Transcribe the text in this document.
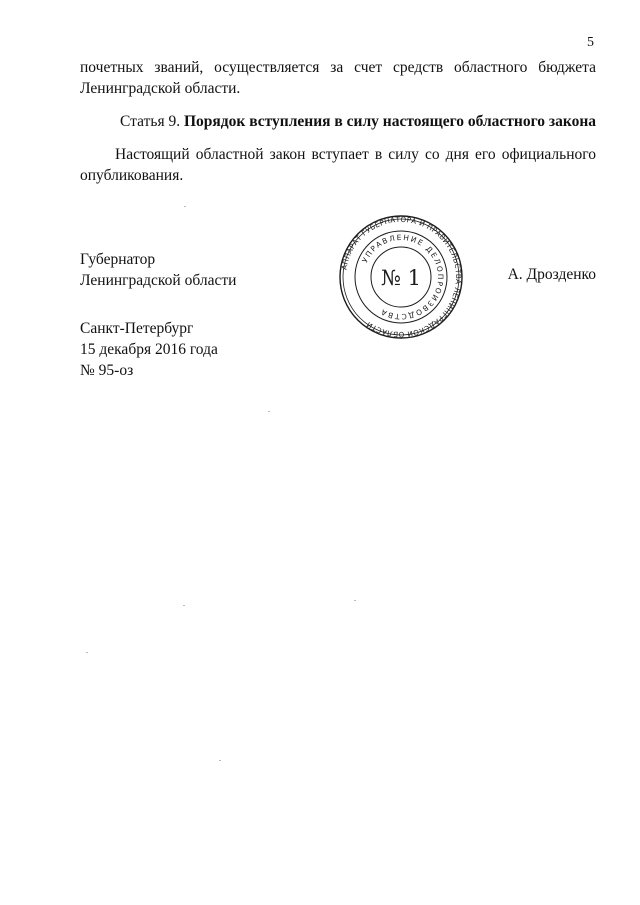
5

почетных званий, осуществляется за счет средств областного бюджета Ленинградской области.

Статья 9. Порядок вступления в силу настоящего областного закона

Настоящий областной закон вступает в силу со дня его официального опубликования.

Губернатор
Ленинградской области	А. Дрозденко
АППАРАТ ГУБЕРНАТОРА И ПРАВИТЕЛЬСТВА ЛЕНИНГРАДСКОЙ ОБЛАСТИ
УПРАВЛЕНИЕ ДЕЛОПРОИЗВОДСТВА
№ 1
Санкт-Петербург
15 декабря 2016 года
№ 95-оз
